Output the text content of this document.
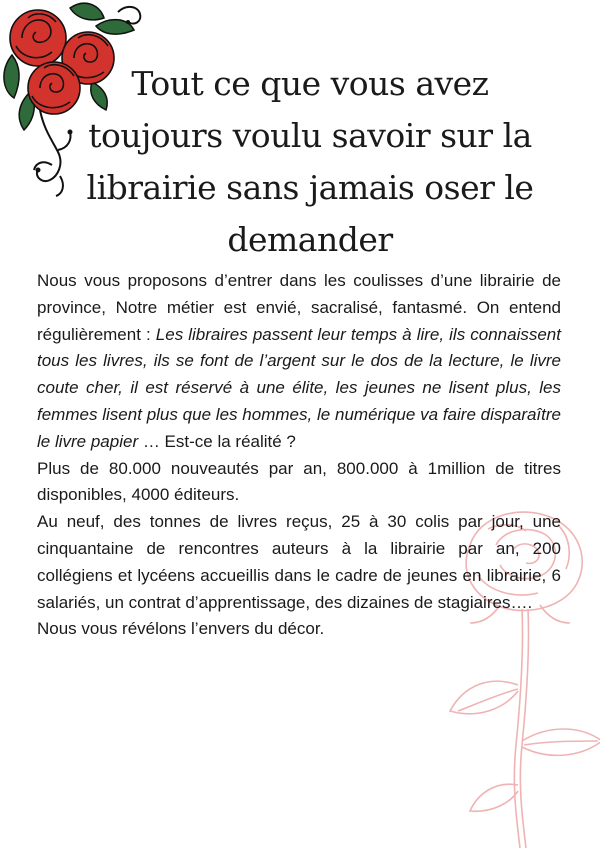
Tout ce que vous avez
toujours voulu savoir sur la
librairie sans jamais oser le
demander

Nous vous proposons d’entrer dans les coulisses d’une librairie de province, Notre métier est envié, sacralisé, fantasmé. On entend régulièrement : Les libraires passent leur temps à lire, ils connaissent tous les livres, ils se font de l’argent sur le dos de la lecture, le livre coute cher, il est réservé à une élite, les jeunes ne lisent plus, les femmes lisent plus que les hommes, le numérique va faire disparaître le livre papier … Est-ce la réalité ?

Plus de 80.000 nouveautés par an, 800.000 à 1million de titres disponibles, 4000 éditeurs.

Au neuf, des tonnes de livres reçus, 25 à 30 colis par jour, une cinquantaine de rencontres auteurs à la librairie par an, 200 collégiens et lycéens accueillis dans le cadre de jeunes en librairie, 6 salariés, un contrat d’apprentissage, des dizaines de stagiaires….

Nous vous révélons l’envers du décor.
